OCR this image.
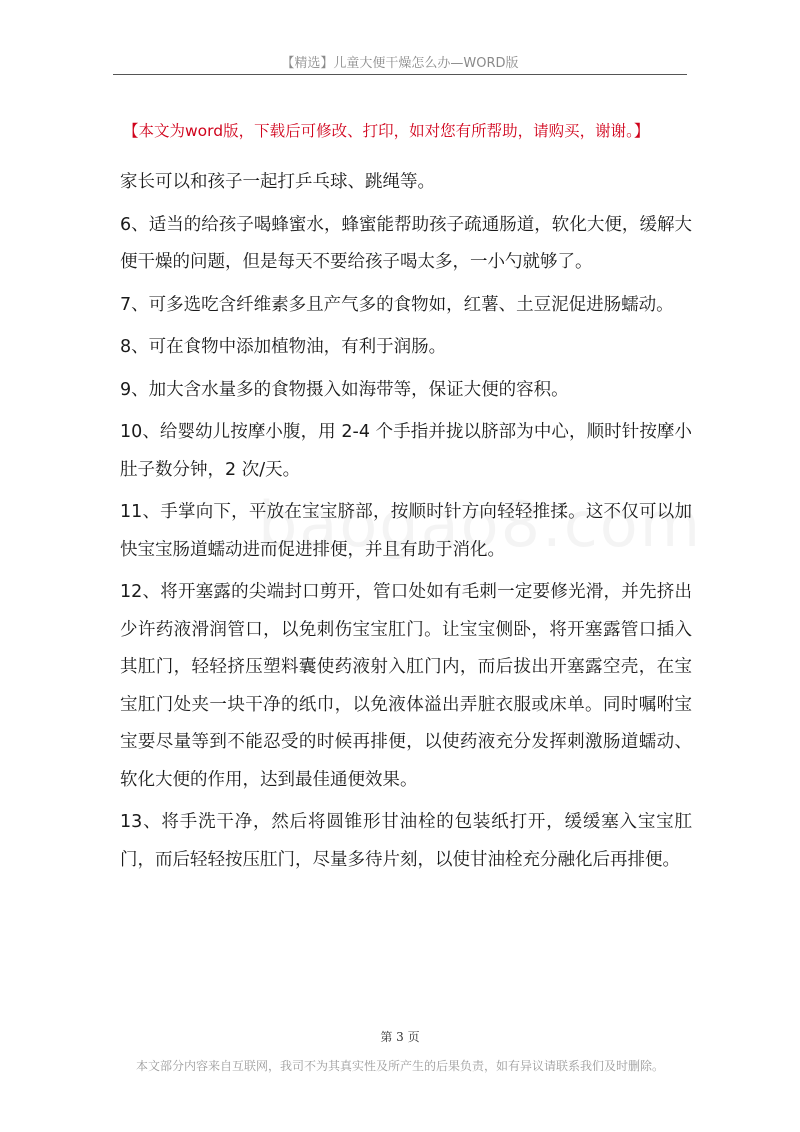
【精选】儿童大便干燥怎么办—WORD版
【本文为word版，下载后可修改、打印，如对您有所帮助，请购买，谢谢。】

家长可以和孩子一起打乒乓球、跳绳等。

6、适当的给孩子喝蜂蜜水，蜂蜜能帮助孩子疏通肠道，软化大便，缓解大便干燥的问题，但是每天不要给孩子喝太多，一小勺就够了。

7、可多选吃含纤维素多且产气多的食物如，红薯、土豆泥促进肠蠕动。

8、可在食物中添加植物油，有利于润肠。

9、加大含水量多的食物摄入如海带等，保证大便的容积。

10、给婴幼儿按摩小腹，用 2-4 个手指并拢以脐部为中心，顺时针按摩小肚子数分钟，2 次/天。

11、手掌向下，平放在宝宝脐部，按顺时针方向轻轻推揉。这不仅可以加快宝宝肠道蠕动进而促进排便，并且有助于消化。

12、将开塞露的尖端封口剪开，管口处如有毛刺一定要修光滑，并先挤出少许药液滑润管口，以免刺伤宝宝肛门。让宝宝侧卧，将开塞露管口插入其肛门，轻轻挤压塑料囊使药液射入肛门内，而后拔出开塞露空壳，在宝宝肛门处夹一块干净的纸巾，以免液体溢出弄脏衣服或床单。同时嘱咐宝宝要尽量等到不能忍受的时候再排便，以使药液充分发挥刺激肠道蠕动、软化大便的作用，达到最佳通便效果。

13、将手洗干净，然后将圆锥形甘油栓的包装纸打开，缓缓塞入宝宝肛门，而后轻轻按压肛门，尽量多待片刻，以使甘油栓充分融化后再排便。

第 3 页
本文部分内容来自互联网，我司不为其真实性及所产生的后果负责，如有异议请联系我们及时删除。
